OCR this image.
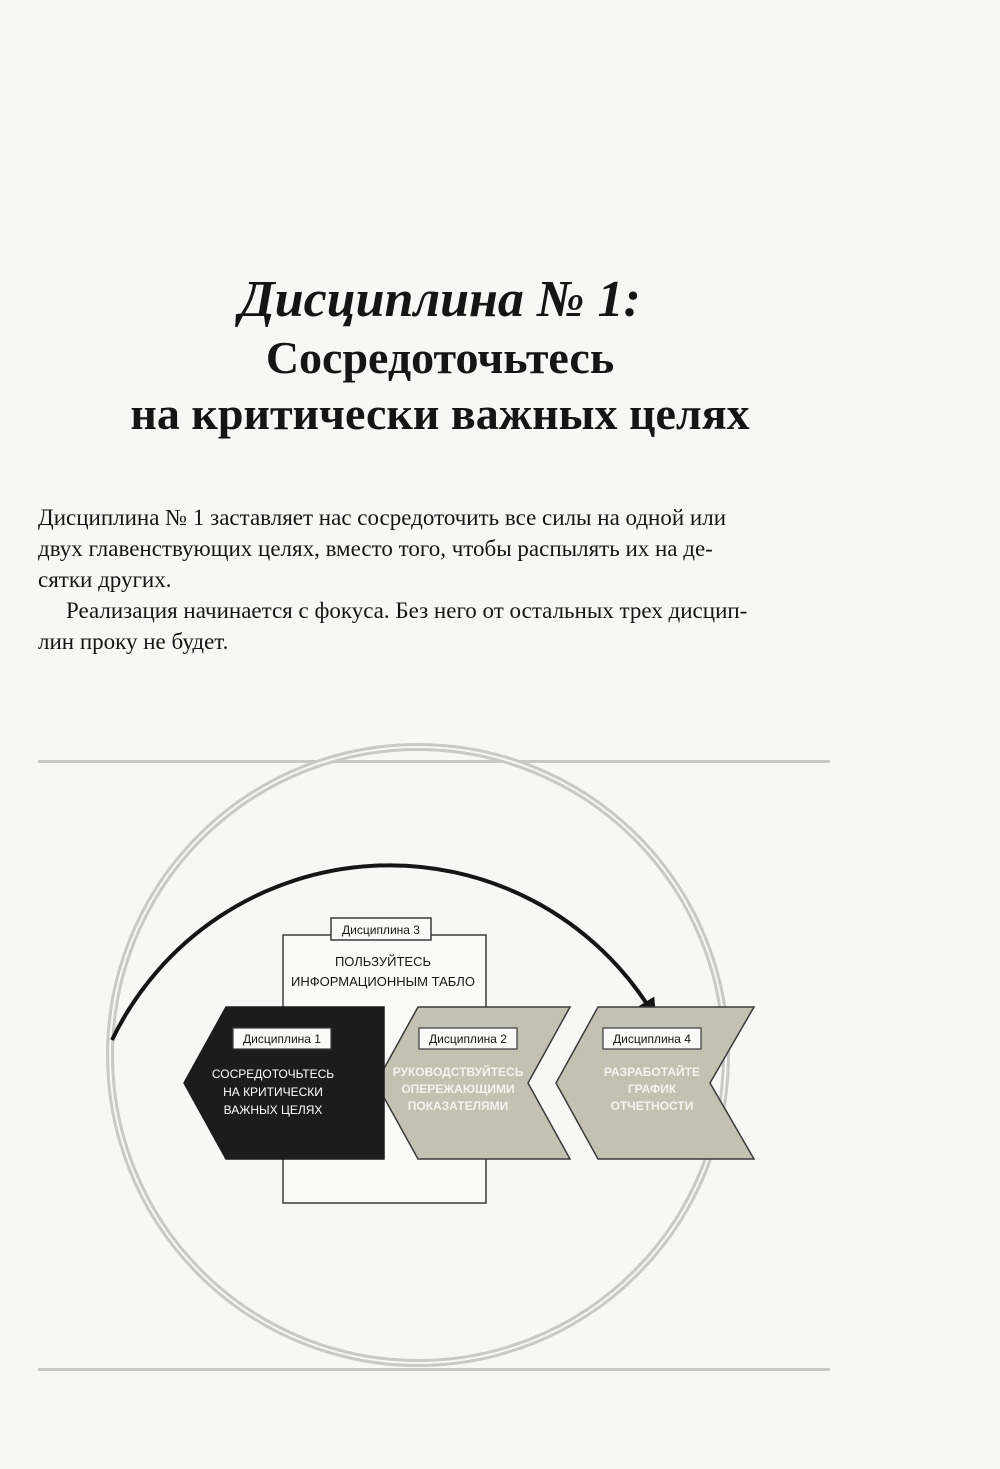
Дисциплина № 1:
Сосредоточьтесь
на критически важных целях

Дисциплина № 1 заставляет нас сосредоточить все силы на одной или
двух главенствующих целях, вместо того, чтобы распылять их на де-
сятки других.

Реализация начинается с фокуса. Без него от остальных трех дисцип-
лин проку не будет.

Дисциплина 3
ПОЛЬЗУЙТЕСЬ
ИНФОРМАЦИОННЫМ ТАБЛО
Дисциплина 4
РАЗРАБОТАЙТЕ
ГРАФИК
ОТЧЕТНОСТИ
Дисциплина 2
РУКОВОДСТВУЙТЕСЬ
ОПЕРЕЖАЮЩИМИ
ПОКАЗАТЕЛЯМИ
Дисциплина 1
СОСРЕДОТОЧЬТЕСЬ
НА КРИТИЧЕСКИ
ВАЖНЫХ ЦЕЛЯХ
